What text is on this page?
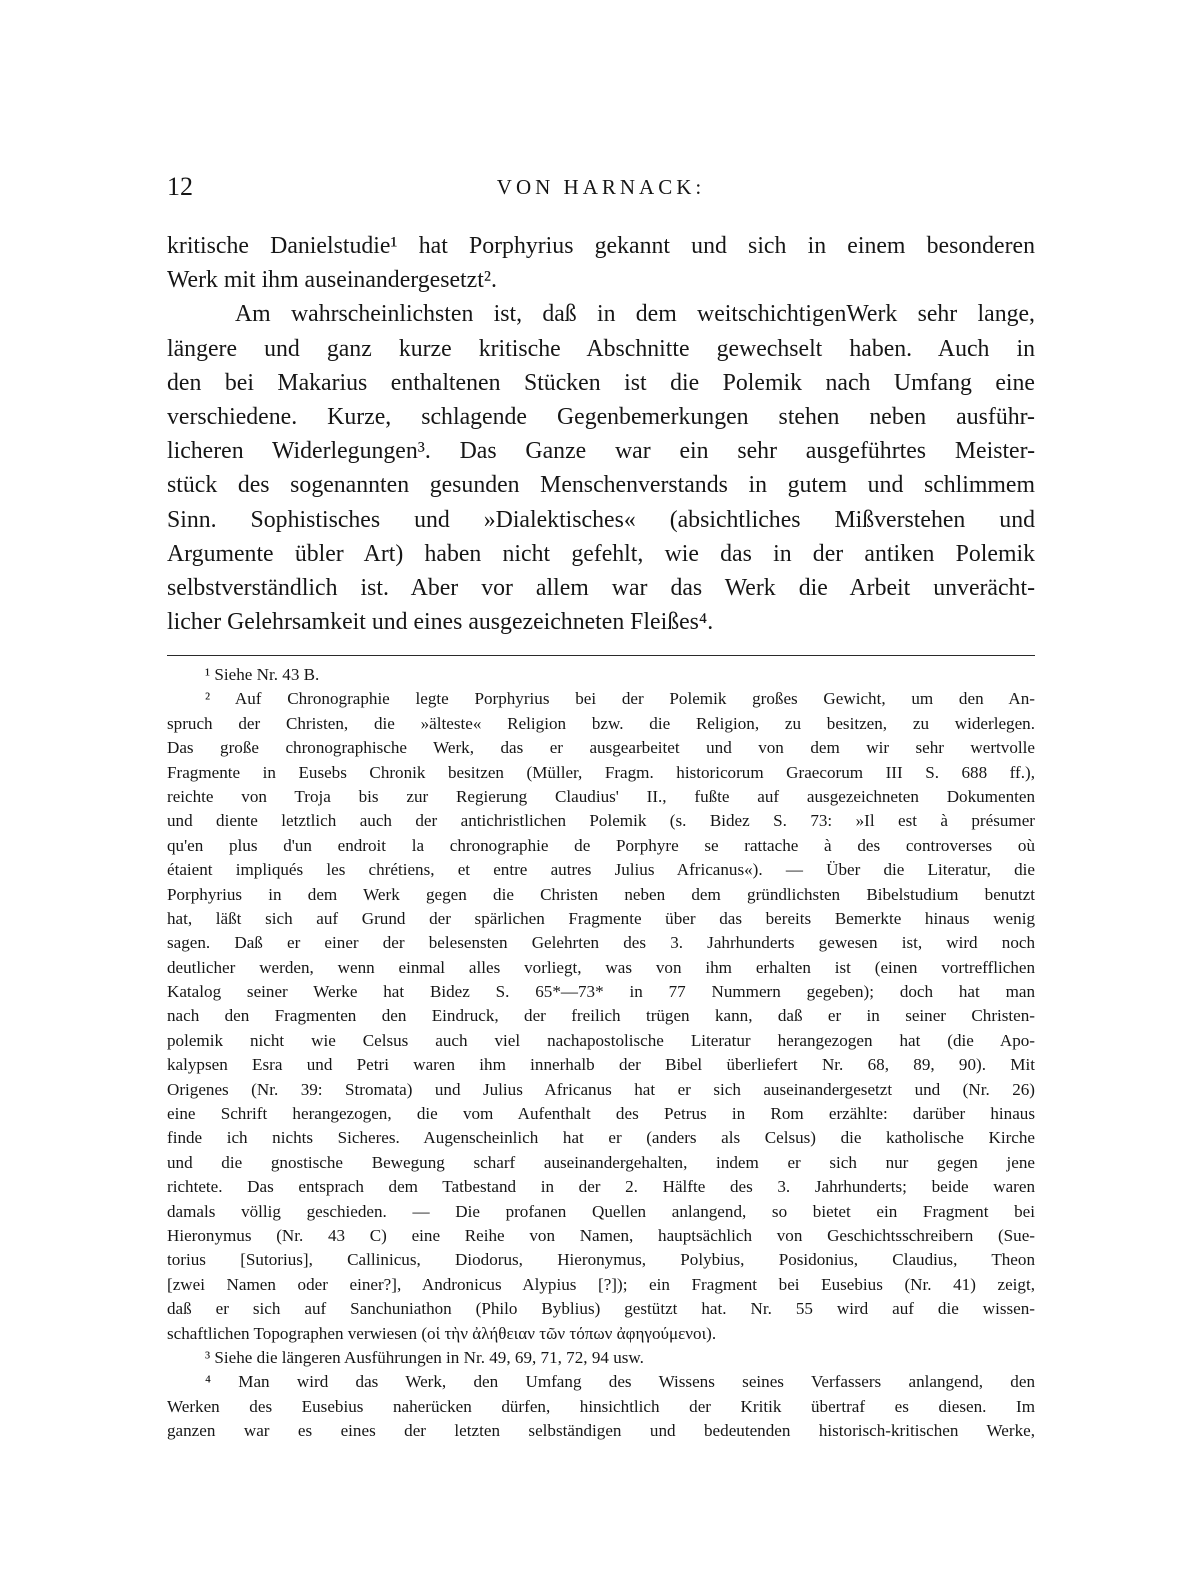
12	VON HARNACK:
kritische Danielstudie¹ hat Porphyrius gekannt und sich in einem besonderen
Werk mit ihm auseinandergesetzt².
Am wahrscheinlichsten ist, daß in dem weitschichtigenWerk sehr lange,
längere und ganz kurze kritische Abschnitte gewechselt haben. Auch in
den bei Makarius enthaltenen Stücken ist die Polemik nach Umfang eine
verschiedene. Kurze, schlagende Gegenbemerkungen stehen neben ausführ-
licheren Widerlegungen³. Das Ganze war ein sehr ausgeführtes Meister-
stück des sogenannten gesunden Menschenverstands in gutem und schlimmem
Sinn. Sophistisches und »Dialektisches« (absichtliches Mißverstehen und
Argumente übler Art) haben nicht gefehlt, wie das in der antiken Polemik
selbstverständlich ist. Aber vor allem war das Werk die Arbeit unverächt-
licher Gelehrsamkeit und eines ausgezeichneten Fleißes⁴.
¹ Siehe Nr. 43 B.
² Auf Chronographie legte Porphyrius bei der Polemik großes Gewicht, um den An-
spruch der Christen, die »älteste« Religion bzw. die Religion, zu besitzen, zu widerlegen.
Das große chronographische Werk, das er ausgearbeitet und von dem wir sehr wertvolle
Fragmente in Eusebs Chronik besitzen (Müller, Fragm. historicorum Graecorum III S. 688 ff.),
reichte von Troja bis zur Regierung Claudius' II., fußte auf ausgezeichneten Dokumenten
und diente letztlich auch der antichristlichen Polemik (s. Bidez S. 73: »Il est à présumer
qu'en plus d'un endroit la chronographie de Porphyre se rattache à des controverses où
étaient impliqués les chrétiens, et entre autres Julius Africanus«). — Über die Literatur, die
Porphyrius in dem Werk gegen die Christen neben dem gründlichsten Bibelstudium benutzt
hat, läßt sich auf Grund der spärlichen Fragmente über das bereits Bemerkte hinaus wenig
sagen. Daß er einer der belesensten Gelehrten des 3. Jahrhunderts gewesen ist, wird noch
deutlicher werden, wenn einmal alles vorliegt, was von ihm erhalten ist (einen vortrefflichen
Katalog seiner Werke hat Bidez S. 65*—73* in 77 Nummern gegeben); doch hat man
nach den Fragmenten den Eindruck, der freilich trügen kann, daß er in seiner Christen-
polemik nicht wie Celsus auch viel nachapostolische Literatur herangezogen hat (die Apo-
kalypsen Esra und Petri waren ihm innerhalb der Bibel überliefert Nr. 68, 89, 90). Mit
Origenes (Nr. 39: Stromata) und Julius Africanus hat er sich auseinandergesetzt und (Nr. 26)
eine Schrift herangezogen, die vom Aufenthalt des Petrus in Rom erzählte: darüber hinaus
finde ich nichts Sicheres. Augenscheinlich hat er (anders als Celsus) die katholische Kirche
und die gnostische Bewegung scharf auseinandergehalten, indem er sich nur gegen jene
richtete. Das entsprach dem Tatbestand in der 2. Hälfte des 3. Jahrhunderts; beide waren
damals völlig geschieden. — Die profanen Quellen anlangend, so bietet ein Fragment bei
Hieronymus (Nr. 43 C) eine Reihe von Namen, hauptsächlich von Geschichtsschreibern (Sue-
torius [Sutorius], Callinicus, Diodorus, Hieronymus, Polybius, Posidonius, Claudius, Theon
[zwei Namen oder einer?], Andronicus Alypius [?]); ein Fragment bei Eusebius (Nr. 41) zeigt,
daß er sich auf Sanchuniathon (Philo Byblius) gestützt hat. Nr. 55 wird auf die wissen-
schaftlichen Topographen verwiesen (οἱ τὴν ἀλήθειαν τῶν τόπων ἀφηγούμενοι).
³ Siehe die längeren Ausführungen in Nr. 49, 69, 71, 72, 94 usw.
⁴ Man wird das Werk, den Umfang des Wissens seines Verfassers anlangend, den
Werken des Eusebius naherücken dürfen, hinsichtlich der Kritik übertraf es diesen. Im
ganzen war es eines der letzten selbständigen und bedeutenden historisch-kritischen Werke,
